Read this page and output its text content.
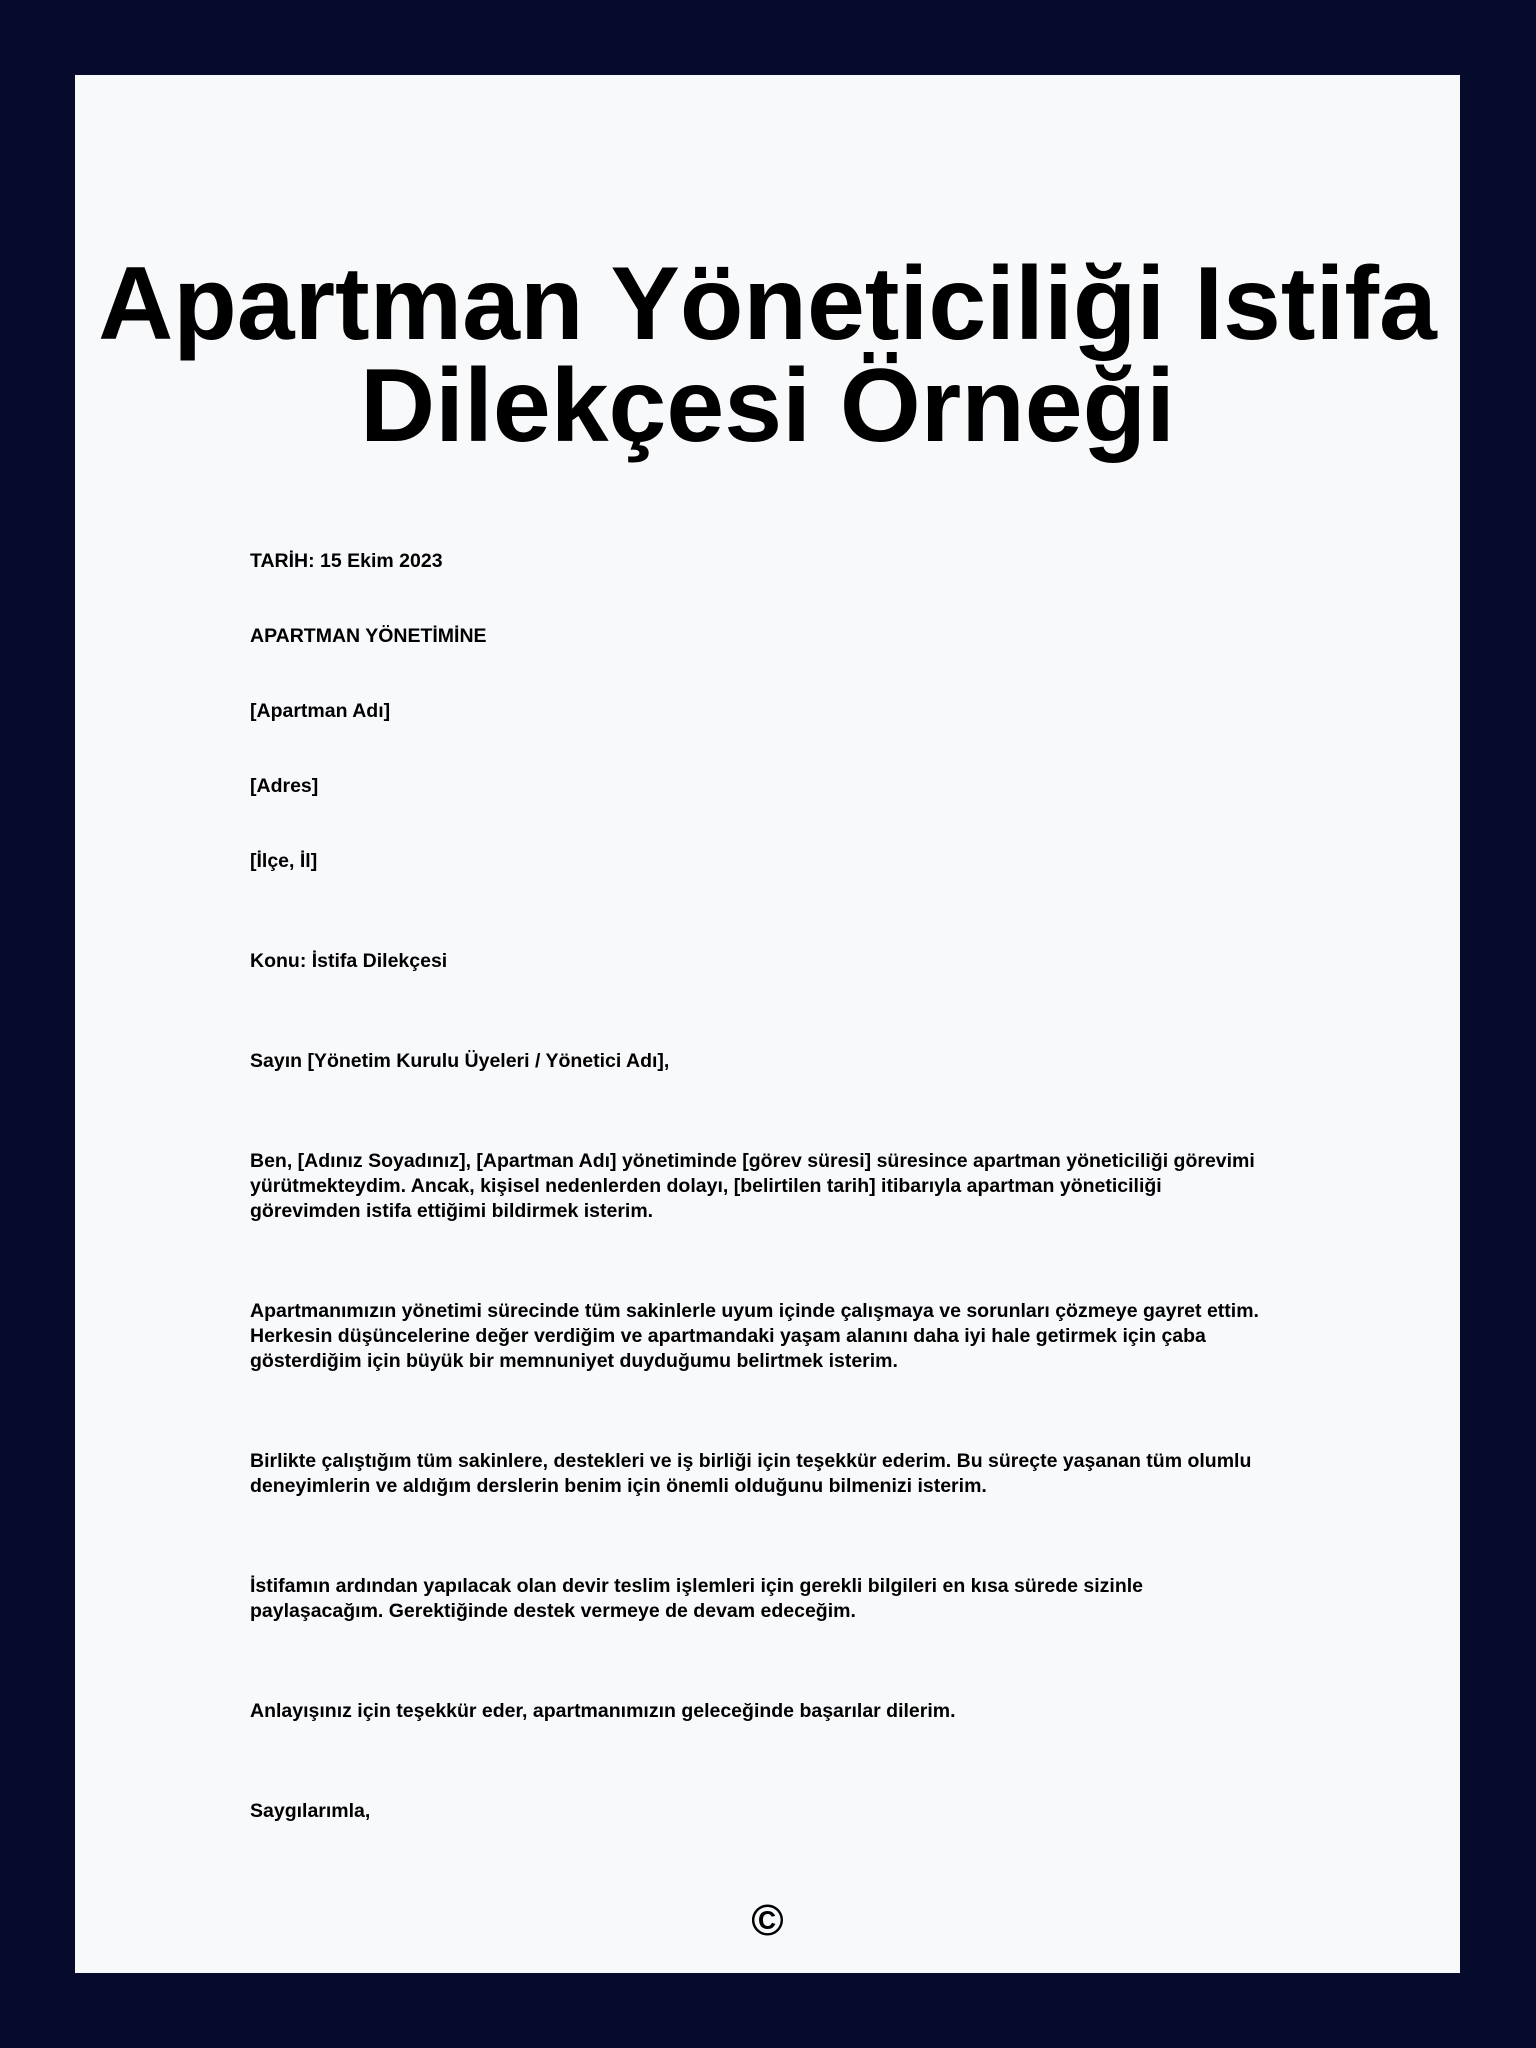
Apartman Yöneticiliği Istifa Dilekçesi Örneği

TARİH: 15 Ekim 2023

APARTMAN YÖNETİMİNE

[Apartman Adı]

[Adres]

[İlçe, İl]

Konu: İstifa Dilekçesi

Sayın [Yönetim Kurulu Üyeleri / Yönetici Adı],

Ben, [Adınız Soyadınız], [Apartman Adı] yönetiminde [görev süresi] süresince apartman yöneticiliği görevimi yürütmekteydim. Ancak, kişisel nedenlerden dolayı, [belirtilen tarih] itibarıyla apartman yöneticiliği görevimden istifa ettiğimi bildirmek isterim.

Apartmanımızın yönetimi sürecinde tüm sakinlerle uyum içinde çalışmaya ve sorunları çözmeye gayret ettim. Herkesin düşüncelerine değer verdiğim ve apartmandaki yaşam alanını daha iyi hale getirmek için çaba gösterdiğim için büyük bir memnuniyet duyduğumu belirtmek isterim.

Birlikte çalıştığım tüm sakinlere, destekleri ve iş birliği için teşekkür ederim. Bu süreçte yaşanan tüm olumlu deneyimlerin ve aldığım derslerin benim için önemli olduğunu bilmenizi isterim.

İstifamın ardından yapılacak olan devir teslim işlemleri için gerekli bilgileri en kısa sürede sizinle paylaşacağım. Gerektiğinde destek vermeye de devam edeceğim.

Anlayışınız için teşekkür eder, apartmanımızın geleceğinde başarılar dilerim.

Saygılarımla,

©
